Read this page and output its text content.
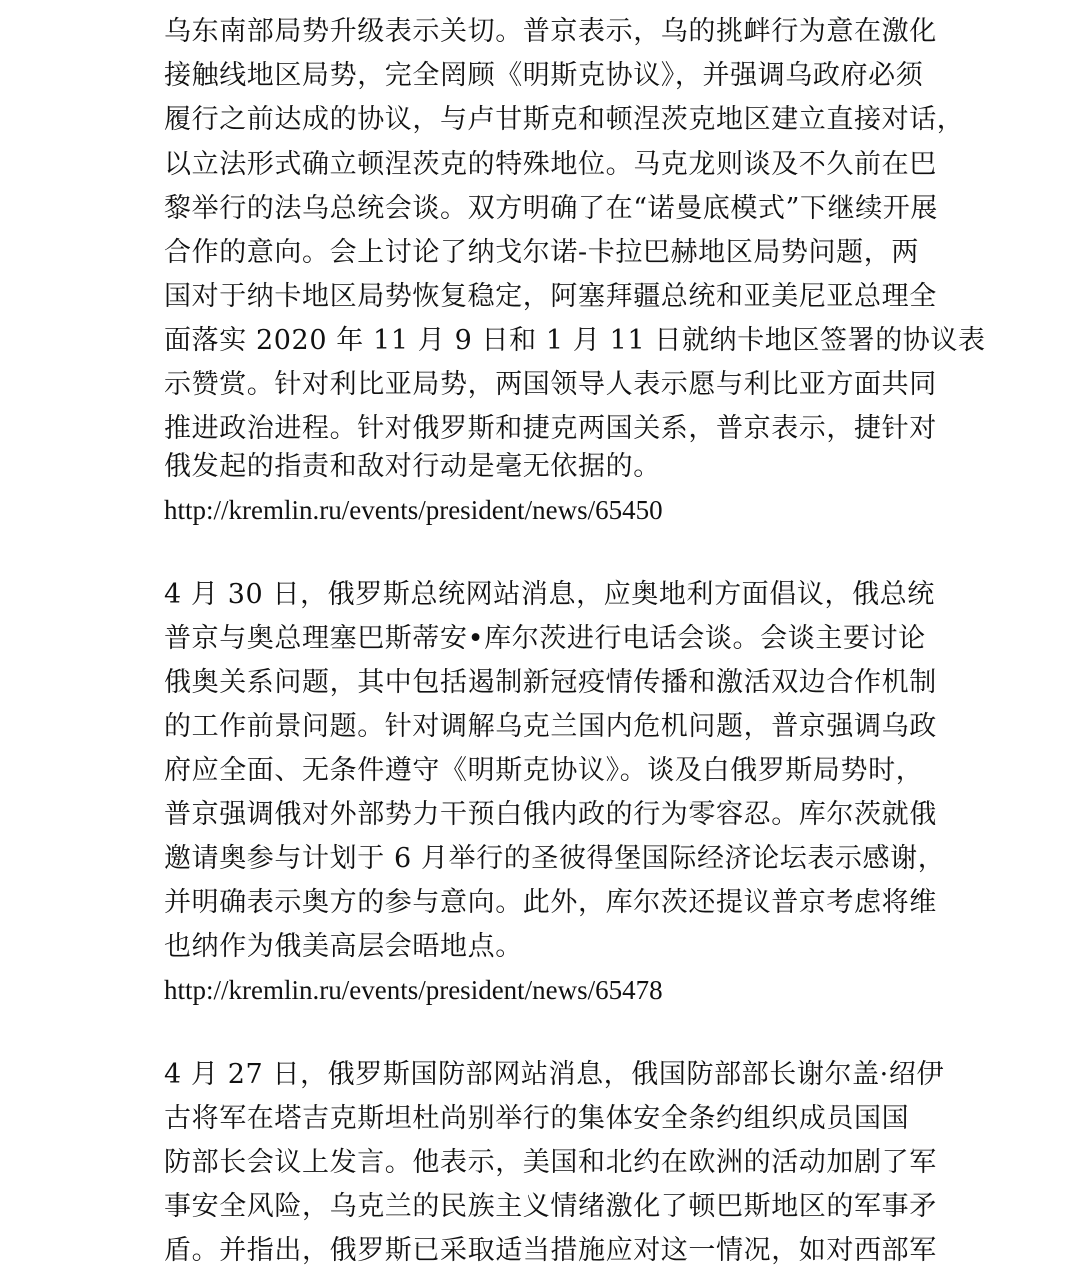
乌东南部局势升级表示关切。普京表示，乌的挑衅行为意在激化
接触线地区局势，完全罔顾《明斯克协议》，并强调乌政府必须
履行之前达成的协议，与卢甘斯克和顿涅茨克地区建立直接对话，
以立法形式确立顿涅茨克的特殊地位。马克龙则谈及不久前在巴
黎举行的法乌总统会谈。双方明确了在“诺曼底模式”下继续开展
合作的意向。会上讨论了纳戈尔诺-卡拉巴赫地区局势问题，两
国对于纳卡地区局势恢复稳定，阿塞拜疆总统和亚美尼亚总理全
面落实 2020 年 11 月 9 日和 1 月 11 日就纳卡地区签署的协议表
示赞赏。针对利比亚局势，两国领导人表示愿与利比亚方面共同
推进政治进程。针对俄罗斯和捷克两国关系，普京表示，捷针对
俄发起的指责和敌对行动是毫无依据的。
http://kremlin.ru/events/president/news/65450
4 月 30 日，俄罗斯总统网站消息，应奥地利方面倡议，俄总统
普京与奥总理塞巴斯蒂安•库尔茨进行电话会谈。会谈主要讨论
俄奥关系问题，其中包括遏制新冠疫情传播和激活双边合作机制
的工作前景问题。针对调解乌克兰国内危机问题，普京强调乌政
府应全面、无条件遵守《明斯克协议》。谈及白俄罗斯局势时，
普京强调俄对外部势力干预白俄内政的行为零容忍。库尔茨就俄
邀请奥参与计划于 6 月举行的圣彼得堡国际经济论坛表示感谢，
并明确表示奥方的参与意向。此外，库尔茨还提议普京考虑将维
也纳作为俄美高层会晤地点。
http://kremlin.ru/events/president/news/65478
4 月 27 日，俄罗斯国防部网站消息，俄国防部部长谢尔盖·绍伊
古将军在塔吉克斯坦杜尚别举行的集体安全条约组织成员国国
防部长会议上发言。他表示，美国和北约在欧洲的活动加剧了军
事安全风险，乌克兰的民族主义情绪激化了顿巴斯地区的军事矛
盾。并指出，俄罗斯已采取适当措施应对这一情况，如对西部军
